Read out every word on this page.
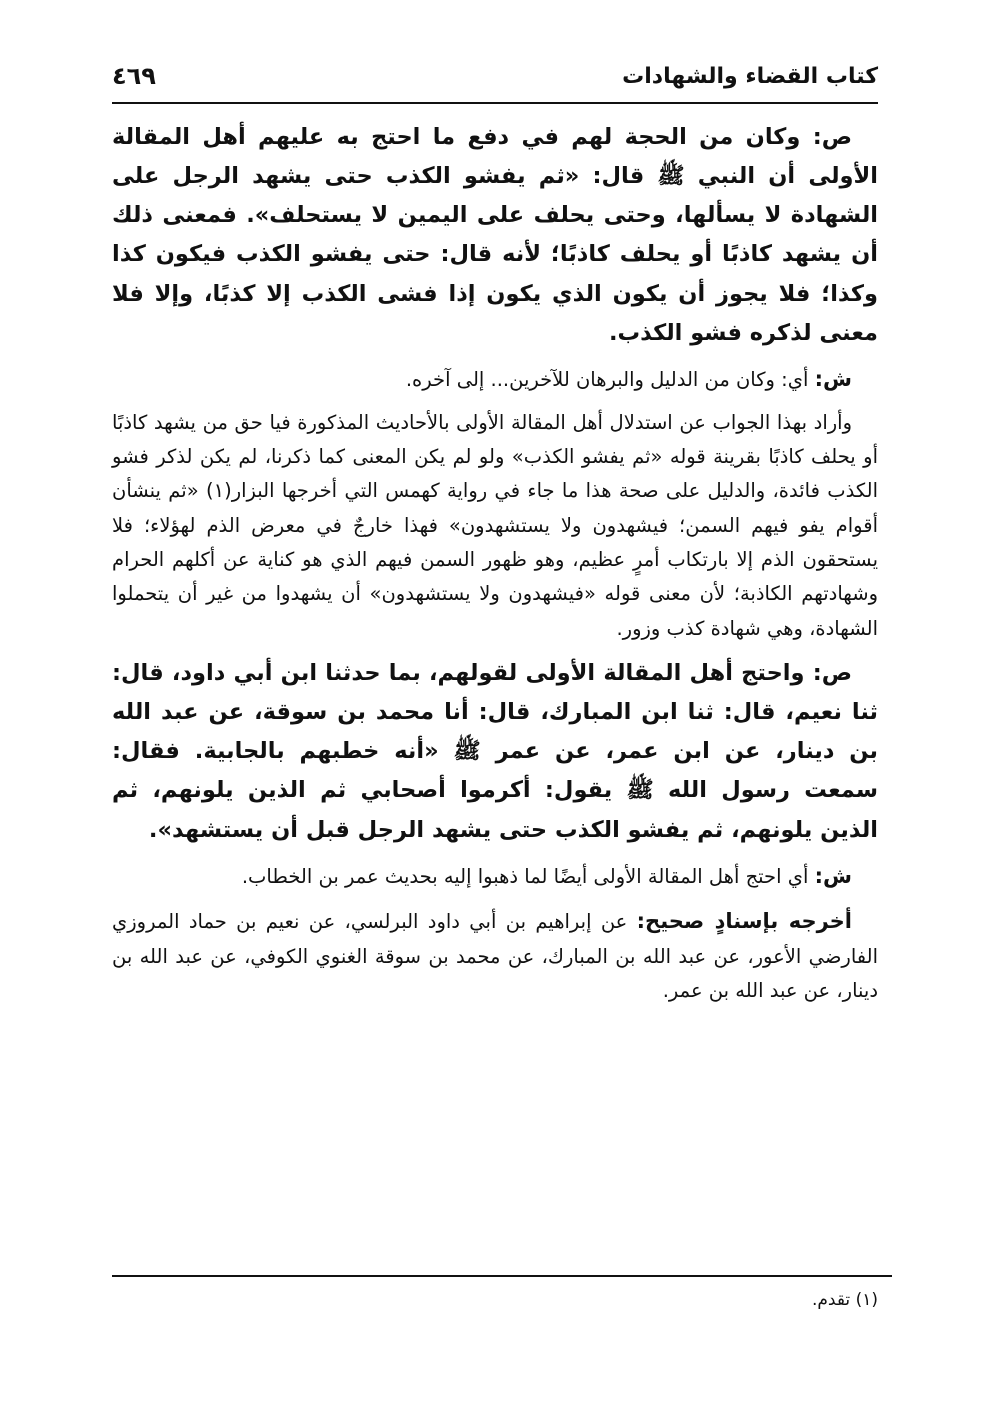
كتاب القضاء والشهادات
٤٦٩

ص: وكان من الحجة لهم في دفع ما احتج به عليهم أهل المقالة الأولى أن النبي ﷺ قال: «ثم يفشو الكذب حتى يشهد الرجل على الشهادة لا يسألها، وحتى يحلف على اليمين لا يستحلف». فمعنى ذلك أن يشهد كاذبًا أو يحلف كاذبًا؛ لأنه قال: حتى يفشو الكذب فيكون كذا وكذا؛ فلا يجوز أن يكون الذي يكون إذا فشى الكذب إلا كذبًا، وإلا فلا معنى لذكره فشو الكذب.

ش: أي: وكان من الدليل والبرهان للآخرين... إلى آخره.

وأراد بهذا الجواب عن استدلال أهل المقالة الأولى بالأحاديث المذكورة فيا حق من يشهد كاذبًا أو يحلف كاذبًا بقرينة قوله «ثم يفشو الكذب» ولو لم يكن المعنى كما ذكرنا، لم يكن لذكر فشو الكذب فائدة، والدليل على صحة هذا ما جاء في رواية كهمس التي أخرجها البزار(١) «ثم ينشأن أقوام يفو فيهم السمن؛ فيشهدون ولا يستشهدون» فهذا خارجٌ في معرض الذم لهؤلاء؛ فلا يستحقون الذم إلا بارتكاب أمرٍ عظيم، وهو ظهور السمن فيهم الذي هو كناية عن أكلهم الحرام وشهادتهم الكاذبة؛ لأن معنى قوله «فيشهدون ولا يستشهدون» أن يشهدوا من غير أن يتحملوا الشهادة، وهي شهادة كذب وزور.

ص: واحتج أهل المقالة الأولى لقولهم، بما حدثنا ابن أبي داود، قال: ثنا نعيم، قال: ثنا ابن المبارك، قال: أنا محمد بن سوقة، عن عبد الله بن دينار، عن ابن عمر، عن عمر ﷺ «أنه خطبهم بالجابية. فقال: سمعت رسول الله ﷺ يقول: أكرموا أصحابي ثم الذين يلونهم، ثم الذين يلونهم، ثم يفشو الكذب حتى يشهد الرجل قبل أن يستشهد».

ش: أي احتج أهل المقالة الأولى أيضًا لما ذهبوا إليه بحديث عمر بن الخطاب.

أخرجه بإسنادٍ صحيح: عن إبراهيم بن أبي داود البرلسي، عن نعيم بن حماد المروزي الفارضي الأعور، عن عبد الله بن المبارك، عن محمد بن سوقة الغنوي الكوفي، عن عبد الله بن دينار، عن عبد الله بن عمر.

(١) تقدم.
